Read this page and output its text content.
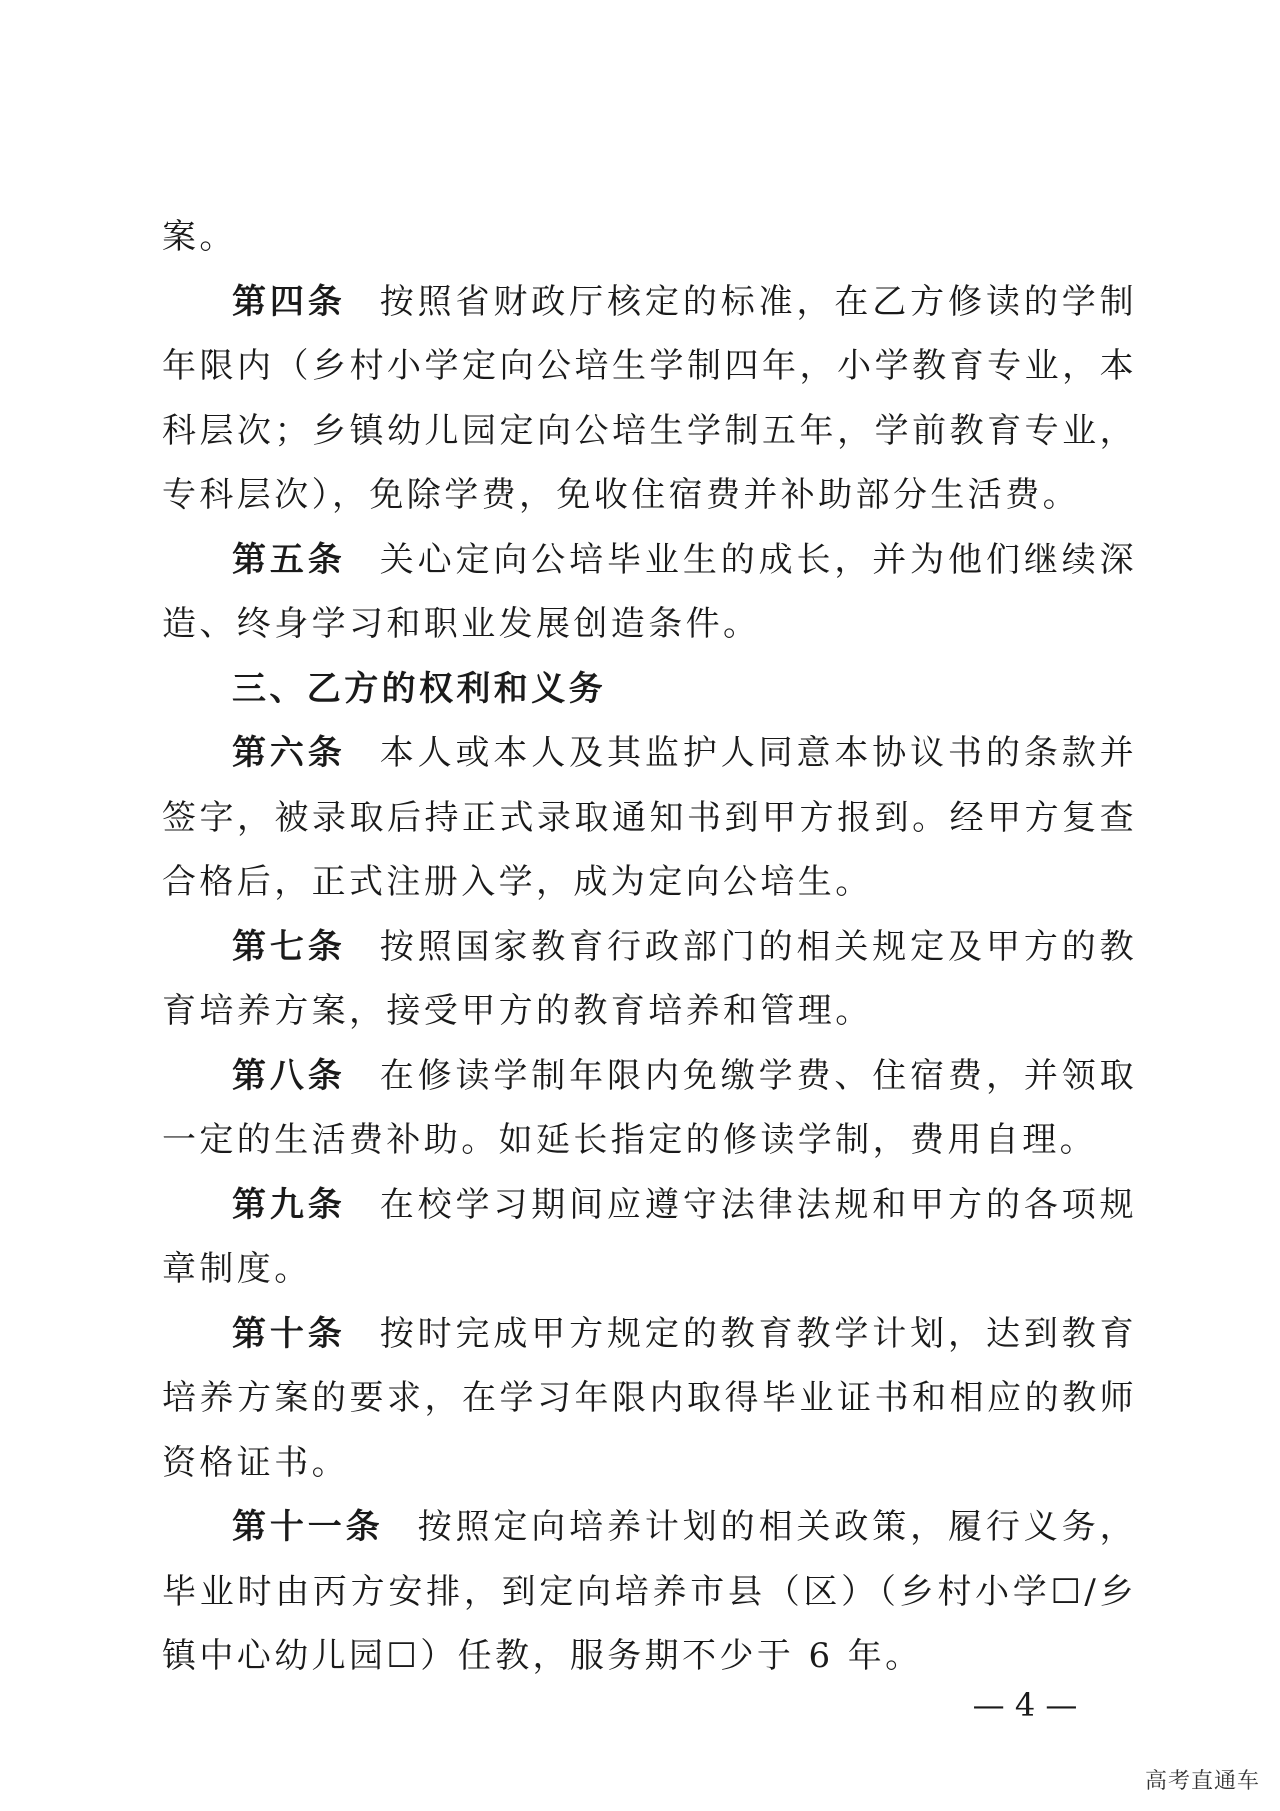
案。

第四条 按照省财政厅核定的标准，在乙方修读的学制年限内（乡村小学定向公培生学制四年，小学教育专业，本科层次；乡镇幼儿园定向公培生学制五年，学前教育专业，专科层次），免除学费，免收住宿费并补助部分生活费。

第五条 关心定向公培毕业生的成长，并为他们继续深造、终身学习和职业发展创造条件。

三、乙方的权利和义务

第六条 本人或本人及其监护人同意本协议书的条款并签字，被录取后持正式录取通知书到甲方报到。经甲方复查合格后，正式注册入学，成为定向公培生。

第七条 按照国家教育行政部门的相关规定及甲方的教育培养方案，接受甲方的教育培养和管理。

第八条 在修读学制年限内免缴学费、住宿费，并领取一定的生活费补助。如延长指定的修读学制，费用自理。

第九条 在校学习期间应遵守法律法规和甲方的各项规章制度。

第十条 按时完成甲方规定的教育教学计划，达到教育培养方案的要求，在学习年限内取得毕业证书和相应的教师资格证书。

第十一条 按照定向培养计划的相关政策，履行义务，毕业时由丙方安排，到定向培养市县（区）（乡村小学☐/乡镇中心幼儿园☐）任教，服务期不少于 6 年。

— 4 —
高考直通车
